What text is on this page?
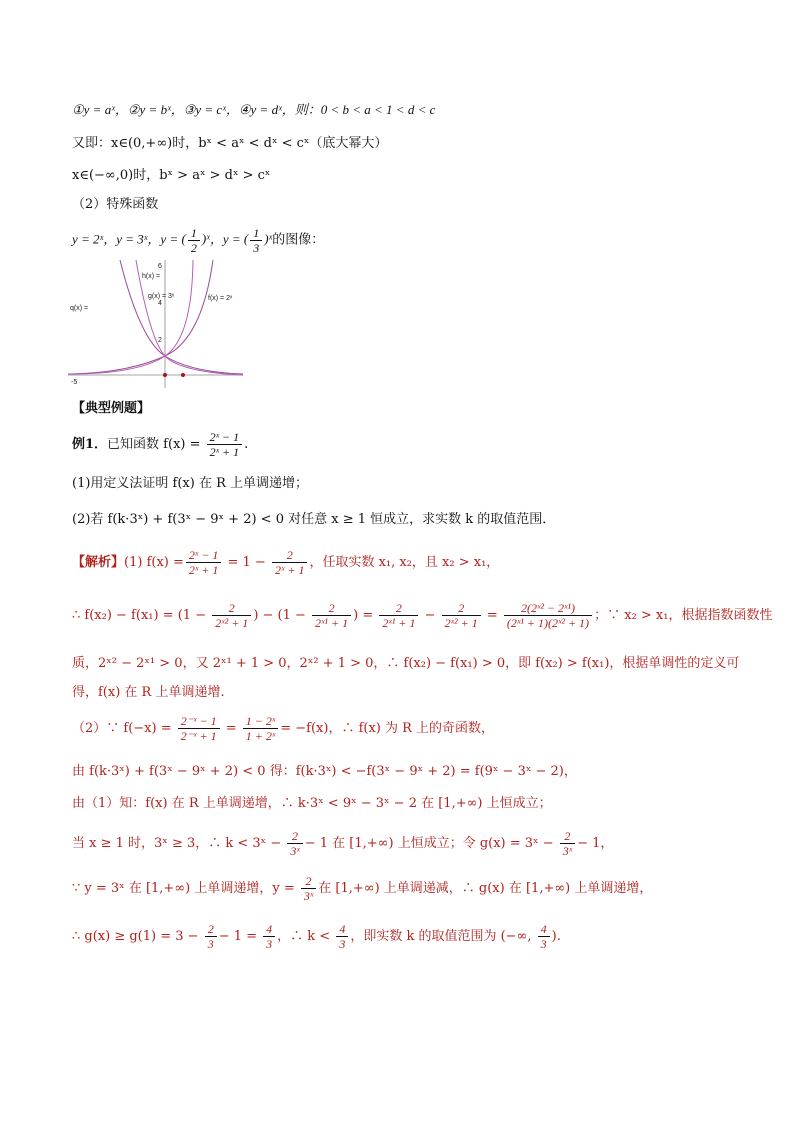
①y = aˣ，②y = bˣ，③y = cˣ，④y = dˣ，则：0 < b < a < 1 < d < c
又即：x∈(0,+∞)时，bˣ < aˣ < dˣ < cˣ（底大幂大）
x∈(−∞,0)时，bˣ > aˣ > dˣ > cˣ
（2）特殊函数
y = 2ˣ，y = 3ˣ，y = ( $\frac{1}{2}$ )ˣ，y = ( $\frac{1}{3}$ )ˣ的图像：
6
4
2
-5
h(x) =
g(x) = 3ˣ	f(x) = 2ˣ
q(x) =
【典型例题】
例1．已知函数 $f(x) = \frac{\text{2ˣ − 1}}{\text{2ˣ + 1}}$ .
(1)用定义法证明 f(x) 在 R 上单调递增；
(2)若 f(k·3ˣ) + f(3ˣ − 9ˣ + 2) < 0 对任意 x ≥ 1 恒成立，求实数 k 的取值范围．
【解析】(1) $f(x) = \frac{\text{2ˣ − 1}}{\text{2ˣ + 1}} = 1 - \frac{2}{\text{2ˣ + 1}}$ ，任取实数 x₁, x₂，且 x₂ > x₁，
∴ $f(x_2) - f(x_1) = (1 - \frac{2}{\text{2ˣ² + 1}}$ ) − ($1 - \frac{2}{\text{2ˣ¹ + 1}}$ ) = $\frac{2}{\text{2ˣ¹ + 1}} - \frac{2}{\text{2ˣ² + 1}} = \frac{\text{2(2ˣ² − 2ˣ¹)}}{\text{(2ˣ¹ + 1)(2ˣ² + 1)}}$ ；∵ x₂ > x₁，根据指数函数性
质，2ˣ² − 2ˣ¹ > 0，又 2ˣ¹ + 1 > 0，2ˣ² + 1 > 0，∴ f(x₂) − f(x₁) > 0，即 f(x₂) > f(x₁)，根据单调性的定义可
得，f(x) 在 R 上单调递增.
（2）∵ $f(-x) = \frac{\text{2⁻ˣ − 1}}{\text{2⁻ˣ + 1}} = \frac{\text{1 − 2ˣ}}{\text{1 + 2ˣ}} = -f(x)$，∴ f(x) 为 R 上的奇函数，
由 f(k·3ˣ) + f(3ˣ − 9ˣ + 2) < 0 得：f(k·3ˣ) < −f(3ˣ − 9ˣ + 2) = f(9ˣ − 3ˣ − 2)，
由（1）知：f(x) 在 R 上单调递增，∴ k·3ˣ < 9ˣ − 3ˣ − 2 在 [1,+∞) 上恒成立；
当 x ≥ 1 时，3ˣ ≥ 3，∴ k < 3ˣ − $\frac{2}{\text{3ˣ}} - 1$ 在 [1,+∞) 上恒成立；令 g(x) = 3ˣ − $\frac{2}{\text{3ˣ}} - 1$，
∵ y = 3ˣ 在 [1,+∞) 上单调递增，$y = \frac{2}{\text{3ˣ}}$ 在 [1,+∞) 上单调递减，∴ g(x) 在 [1,+∞) 上单调递增，
∴ $g(x) \ge g(1) = 3 - \frac{2}{3} - 1 = \frac{4}{3}$ ，∴ $k < \frac{4}{3}$ ，即实数 k 的取值范围为 (−∞, $\frac{4}{3}$ ).
